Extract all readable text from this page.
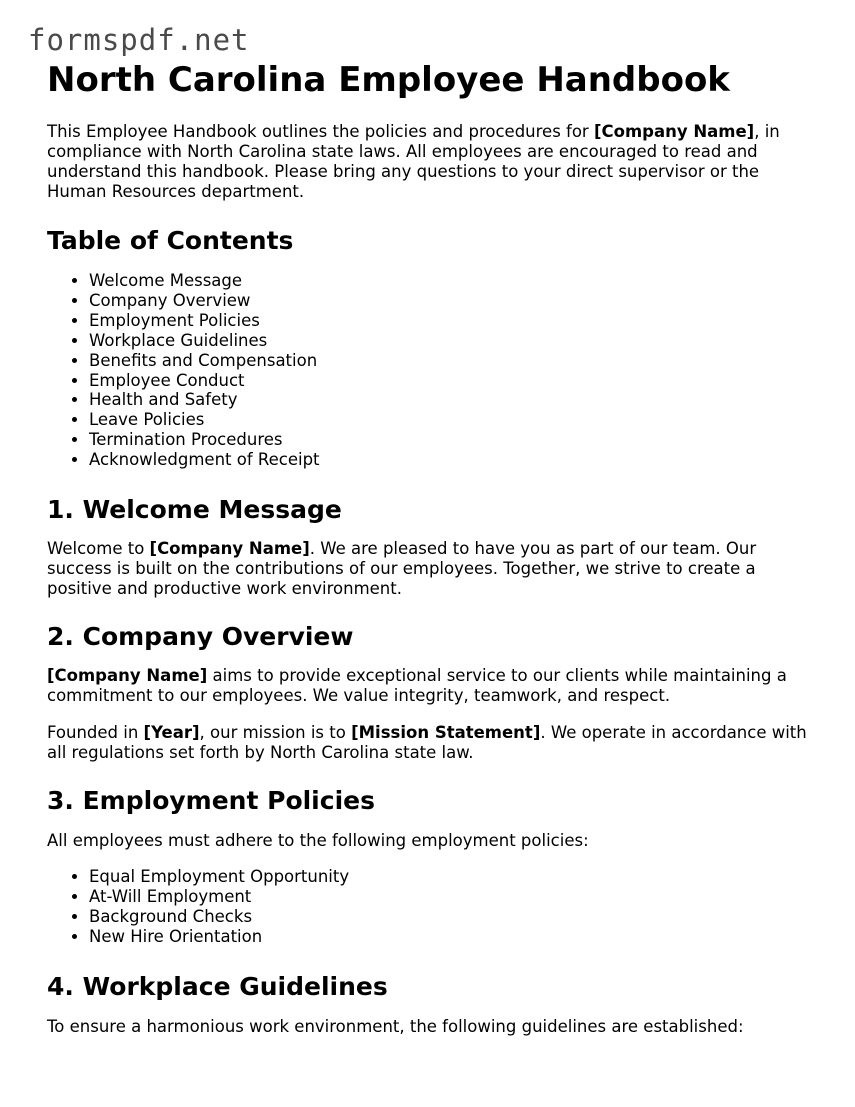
formspdf.net
North Carolina Employee Handbook

This Employee Handbook outlines the policies and procedures for [Company Name], in compliance with North Carolina state laws. All employees are encouraged to read and understand this handbook. Please bring any questions to your direct supervisor or the Human Resources department.

Table of Contents
• Welcome Message
• Company Overview
• Employment Policies
• Workplace Guidelines
• Benefits and Compensation
• Employee Conduct
• Health and Safety
• Leave Policies
• Termination Procedures
• Acknowledgment of Receipt
1. Welcome Message

Welcome to [Company Name]. We are pleased to have you as part of our team. Our success is built on the contributions of our employees. Together, we strive to create a positive and productive work environment.

2. Company Overview

[Company Name] aims to provide exceptional service to our clients while maintaining a commitment to our employees. We value integrity, teamwork, and respect.

Founded in [Year], our mission is to [Mission Statement]. We operate in accordance with all regulations set forth by North Carolina state law.

3. Employment Policies

All employees must adhere to the following employment policies:

• Equal Employment Opportunity
• At-Will Employment
• Background Checks
• New Hire Orientation
4. Workplace Guidelines

To ensure a harmonious work environment, the following guidelines are established:
